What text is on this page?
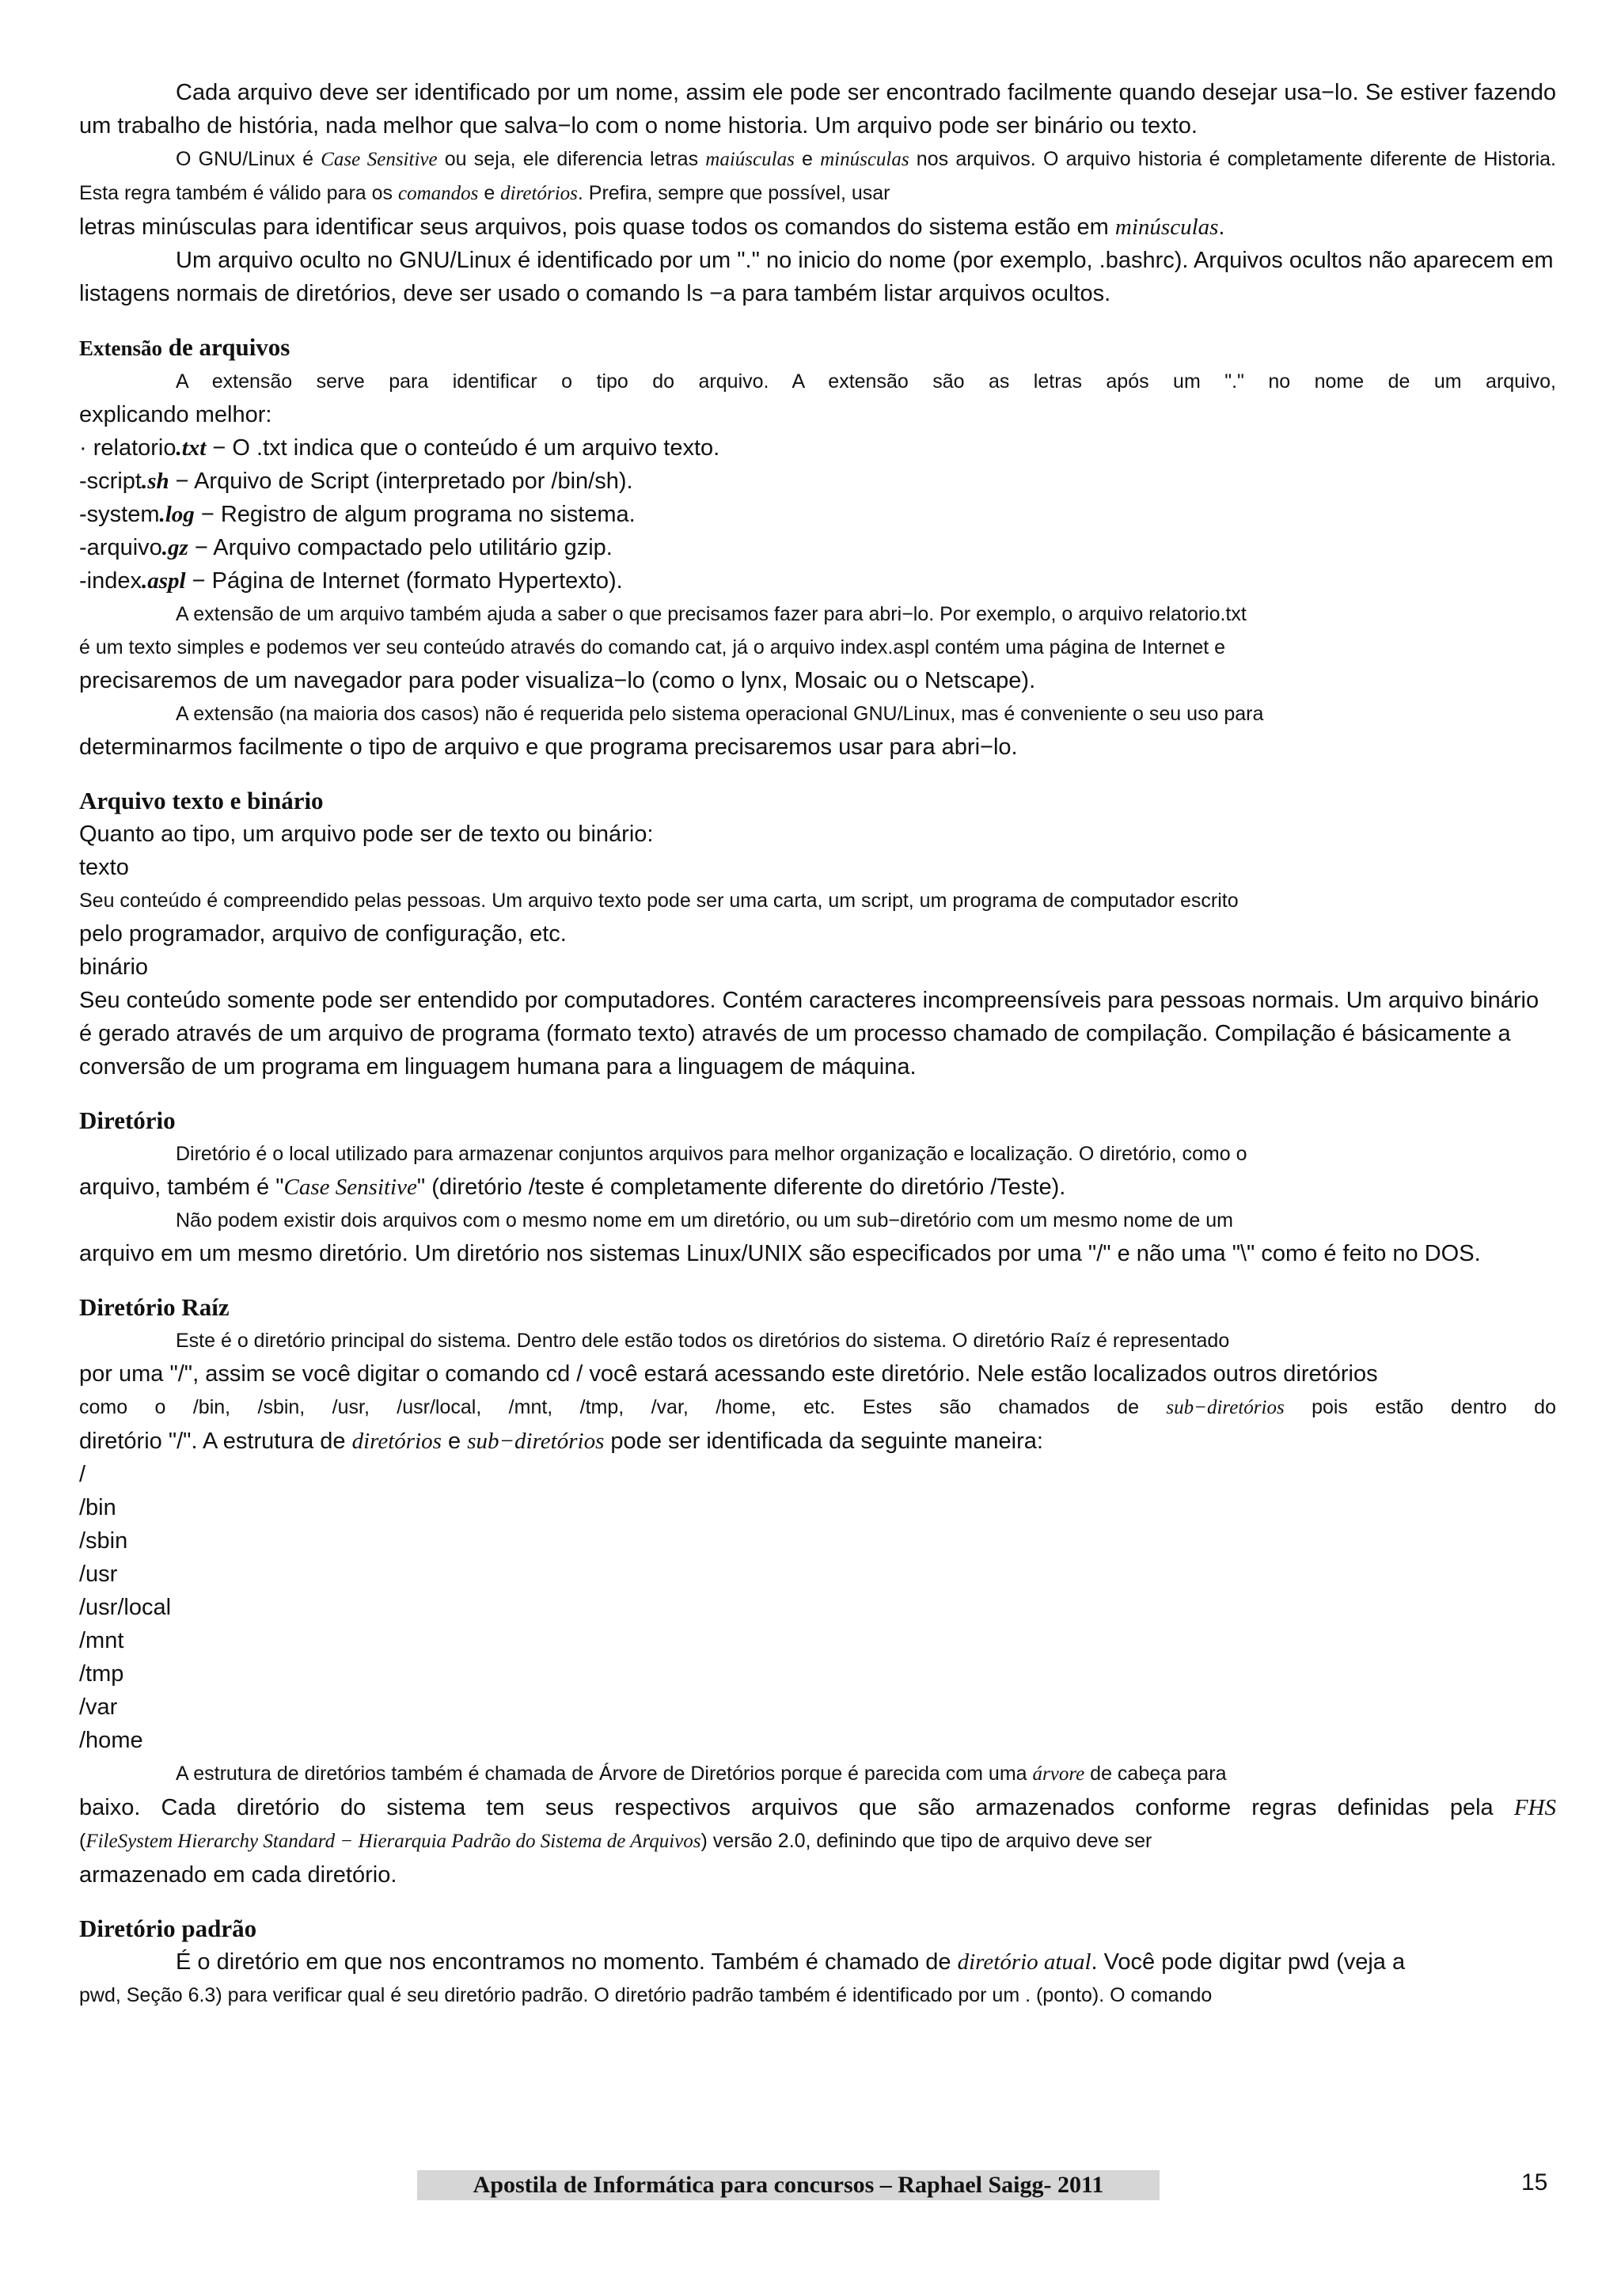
Cada arquivo deve ser identificado por um nome, assim ele pode ser encontrado facilmente quando desejar usa−lo. Se estiver fazendo um trabalho de história, nada melhor que salva−lo com o nome historia. Um arquivo pode ser binário ou texto.

O GNU/Linux é Case Sensitive ou seja, ele diferencia letras maiúsculas e minúsculas nos arquivos. O arquivo historia é completamente diferente de Historia. Esta regra também é válido para os comandos e diretórios. Prefira, sempre que possível, usar

letras minúsculas para identificar seus arquivos, pois quase todos os comandos do sistema estão em minúsculas.

Um arquivo oculto no GNU/Linux é identificado por um "." no inicio do nome (por exemplo, .bashrc). Arquivos ocultos não aparecem em listagens normais de diretórios, deve ser usado o comando ls −a para também listar arquivos ocultos.

Extensão de arquivos

A extensão serve para identificar o tipo do arquivo. A extensão são as letras após um "." no nome de um arquivo,

explicando melhor:

· relatorio.txt − O .txt indica que o conteúdo é um arquivo texto.

-script.sh − Arquivo de Script (interpretado por /bin/sh).

-system.log − Registro de algum programa no sistema.

-arquivo.gz − Arquivo compactado pelo utilitário gzip.

-index.aspl − Página de Internet (formato Hypertexto).

A extensão de um arquivo também ajuda a saber o que precisamos fazer para abri−lo. Por exemplo, o arquivo relatorio.txt

é um texto simples e podemos ver seu conteúdo através do comando cat, já o arquivo index.aspl contém uma página de Internet e

precisaremos de um navegador para poder visualiza−lo (como o lynx, Mosaic ou o Netscape).

A extensão (na maioria dos casos) não é requerida pelo sistema operacional GNU/Linux, mas é conveniente o seu uso para

determinarmos facilmente o tipo de arquivo e que programa precisaremos usar para abri−lo.

Arquivo texto e binário

Quanto ao tipo, um arquivo pode ser de texto ou binário:

texto

Seu conteúdo é compreendido pelas pessoas. Um arquivo texto pode ser uma carta, um script, um programa de computador escrito

pelo programador, arquivo de configuração, etc.

binário

Seu conteúdo somente pode ser entendido por computadores. Contém caracteres incompreensíveis para pessoas normais. Um arquivo binário é gerado através de um arquivo de programa (formato texto) através de um processo chamado de compilação. Compilação é básicamente a conversão de um programa em linguagem humana para a linguagem de máquina.

Diretório

Diretório é o local utilizado para armazenar conjuntos arquivos para melhor organização e localização. O diretório, como o

arquivo, também é "Case Sensitive" (diretório /teste é completamente diferente do diretório /Teste).

Não podem existir dois arquivos com o mesmo nome em um diretório, ou um sub−diretório com um mesmo nome de um

arquivo em um mesmo diretório. Um diretório nos sistemas Linux/UNIX são especificados por uma "/" e não uma "\" como é feito no DOS.

Diretório Raíz

Este é o diretório principal do sistema. Dentro dele estão todos os diretórios do sistema. O diretório Raíz é representado

por uma "/", assim se você digitar o comando cd / você estará acessando este diretório. Nele estão localizados outros diretórios

como o /bin, /sbin, /usr, /usr/local, /mnt, /tmp, /var, /home, etc. Estes são chamados de sub−diretórios pois estão dentro do

diretório "/". A estrutura de diretórios e sub−diretórios pode ser identificada da seguinte maneira:

/

/bin

/sbin

/usr

/usr/local

/mnt

/tmp

/var

/home

A estrutura de diretórios também é chamada de Árvore de Diretórios porque é parecida com uma árvore de cabeça para

baixo. Cada diretório do sistema tem seus respectivos arquivos que são armazenados conforme regras definidas pela FHS

(FileSystem Hierarchy Standard − Hierarquia Padrão do Sistema de Arquivos) versão 2.0, definindo que tipo de arquivo deve ser

armazenado em cada diretório.

Diretório padrão

É o diretório em que nos encontramos no momento. Também é chamado de diretório atual. Você pode digitar pwd (veja a

pwd, Seção 6.3) para verificar qual é seu diretório padrão. O diretório padrão também é identificado por um . (ponto). O comando

Apostila de Informática para concursos – Raphael Saigg- 2011	15
